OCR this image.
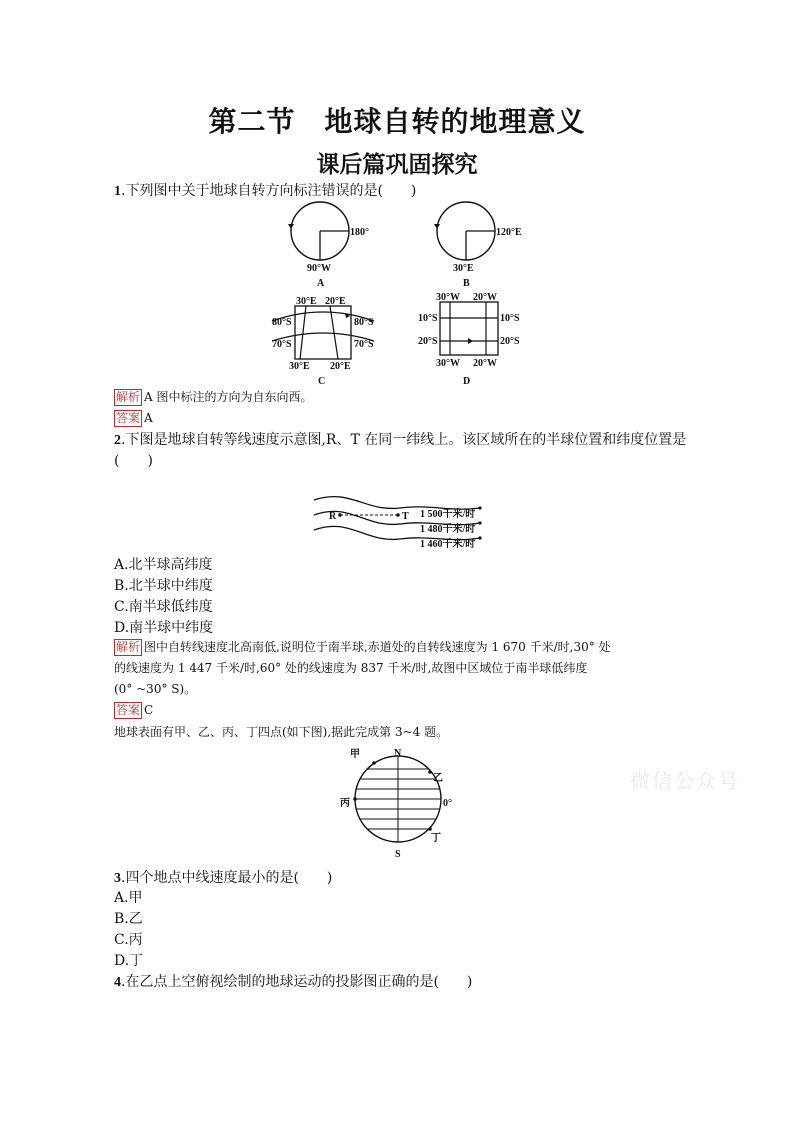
第二节　地球自转的地理意义
课后篇巩固探究
1.下列图中关于地球自转方向标注错误的是(　　)
180°
90°W
A
120°E
30°E
B
30°E 20°E
80°S
70°S
80°S
70°S
30°E 20°E
C
30°W 20°W
10°S
20°S
10°S
20°S
30°W 20°W
D
解析 A 图中标注的方向为自东向西。
答案 A
2.下图是地球自转等线速度示意图,R、T 在同一纬线上。该区域所在的半球位置和纬度位置是
(　　)
R	T 1 500千米/时
1 480千米/时
1 460千米/时
A.北半球高纬度
B.北半球中纬度
C.南半球低纬度
D.南半球中纬度
解析 图中自转线速度北高南低,说明位于南半球,赤道处的自转线速度为 1 670 千米/时,30° 处
的线速度为 1 447 千米/时,60° 处的线速度为 837 千米/时,故图中区域位于南半球低纬度
(0° ~30° S)。
答案 C
地球表面有甲、乙、丙、丁四点(如下图),据此完成第 3~4 题。
N
S
甲
乙
丙	0°
丁
微信公众号
3.四个地点中线速度最小的是(　　)
A.甲
B.乙
C.丙
D.丁
4.在乙点上空俯视绘制的地球运动的投影图正确的是(　　)
